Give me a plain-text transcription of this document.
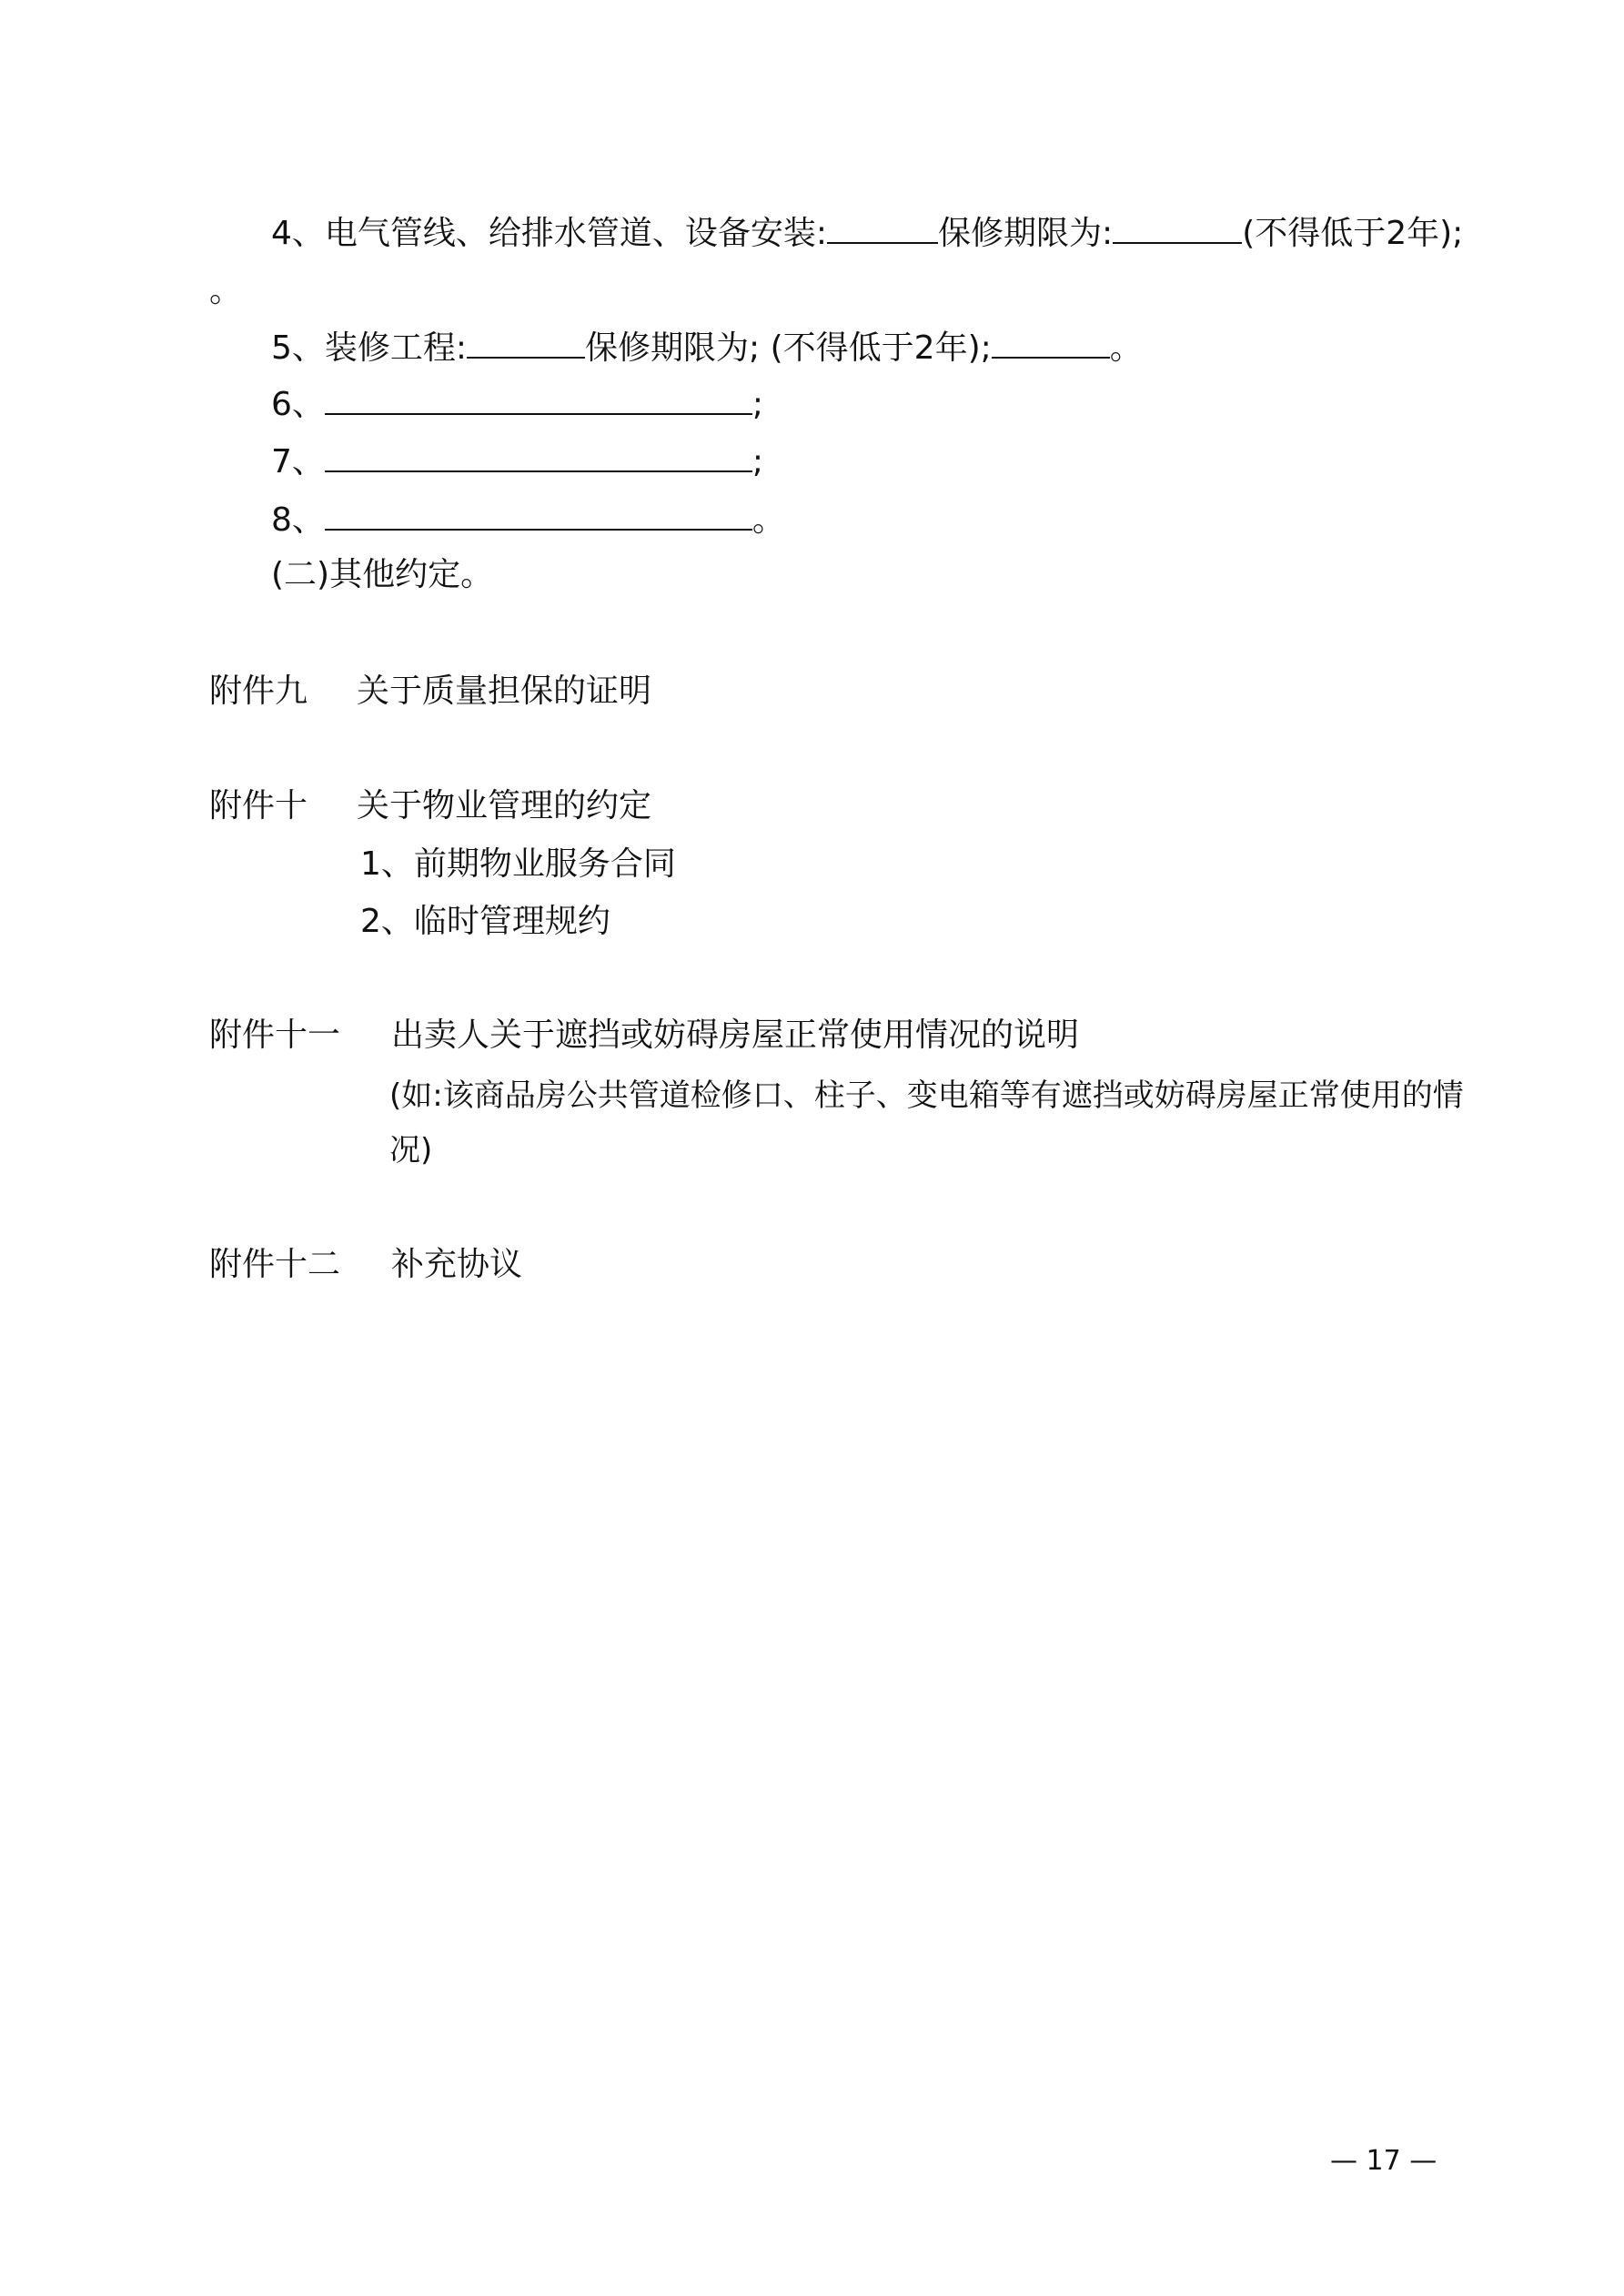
4、电气管线、给排水管道、设备安装:	保修期限为:	(不得低于2年);
。
5、装修工程:	保修期限为; (不得低于2年);	。
6、	;
7、	;
8、	。
(二)其他约定。
附件九 关于质量担保的证明
附件十 关于物业管理的约定
1、前期物业服务合同
2、临时管理规约
附件十一 出卖人关于遮挡或妨碍房屋正常使用情况的说明
(如:该商品房公共管道检修口、柱子、变电箱等有遮挡或妨碍房屋正常使用的情
况)
附件十二 补充协议
— 17 —
